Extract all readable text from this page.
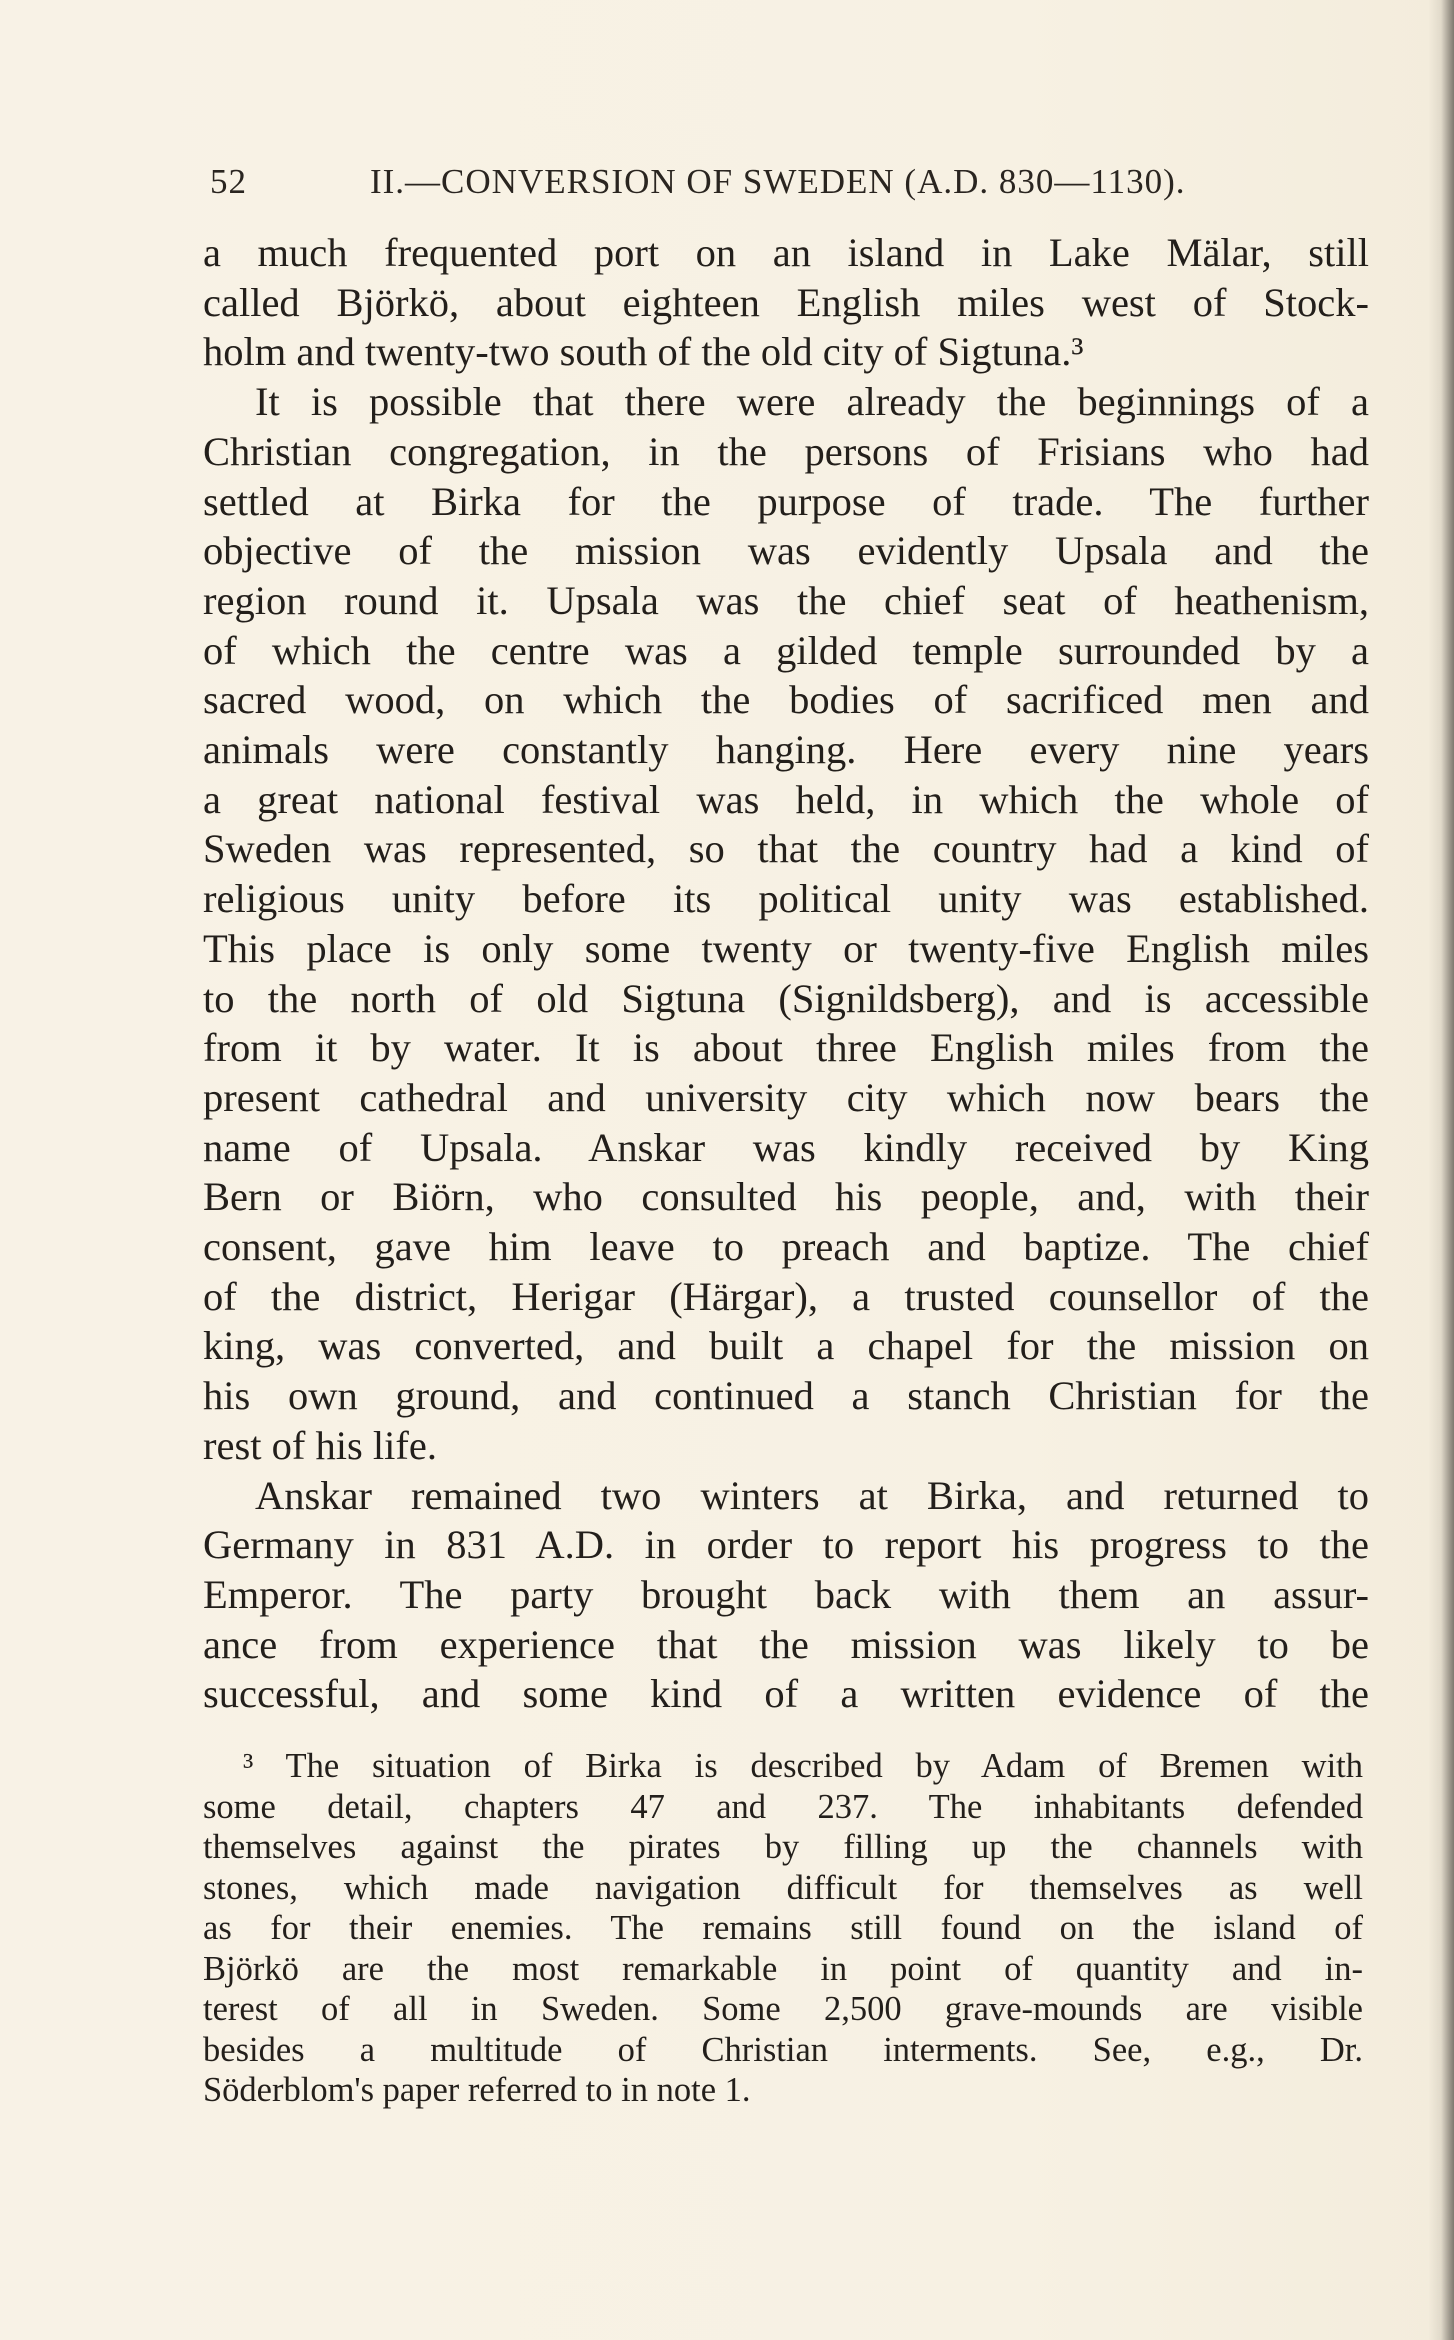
52	II.—CONVERSION OF SWEDEN (A.D. 830—1130).

a much frequented port on an island in Lake Mälar, still
called Björkö, about eighteen English miles west of Stock-
holm and twenty-two south of the old city of Sigtuna.³

It is possible that there were already the beginnings of a
Christian congregation, in the persons of Frisians who had
settled at Birka for the purpose of trade. The further
objective of the mission was evidently Upsala and the
region round it. Upsala was the chief seat of heathenism,
of which the centre was a gilded temple surrounded by a
sacred wood, on which the bodies of sacrificed men and
animals were constantly hanging. Here every nine years
a great national festival was held, in which the whole of
Sweden was represented, so that the country had a kind of
religious unity before its political unity was established.
This place is only some twenty or twenty-five English miles
to the north of old Sigtuna (Signildsberg), and is accessible
from it by water. It is about three English miles from the
present cathedral and university city which now bears the
name of Upsala. Anskar was kindly received by King
Bern or Biörn, who consulted his people, and, with their
consent, gave him leave to preach and baptize. The chief
of the district, Herigar (Härgar), a trusted counsellor of the
king, was converted, and built a chapel for the mission on
his own ground, and continued a stanch Christian for the
rest of his life.

Anskar remained two winters at Birka, and returned to
Germany in 831 A.D. in order to report his progress to the
Emperor. The party brought back with them an assur-
ance from experience that the mission was likely to be
successful, and some kind of a written evidence of the

³ The situation of Birka is described by Adam of Bremen with
some detail, chapters 47 and 237. The inhabitants defended
themselves against the pirates by filling up the channels with
stones, which made navigation difficult for themselves as well
as for their enemies. The remains still found on the island of
Björkö are the most remarkable in point of quantity and in-
terest of all in Sweden. Some 2,500 grave-mounds are visible
besides a multitude of Christian interments. See, e.g., Dr.
Söderblom's paper referred to in note 1.
